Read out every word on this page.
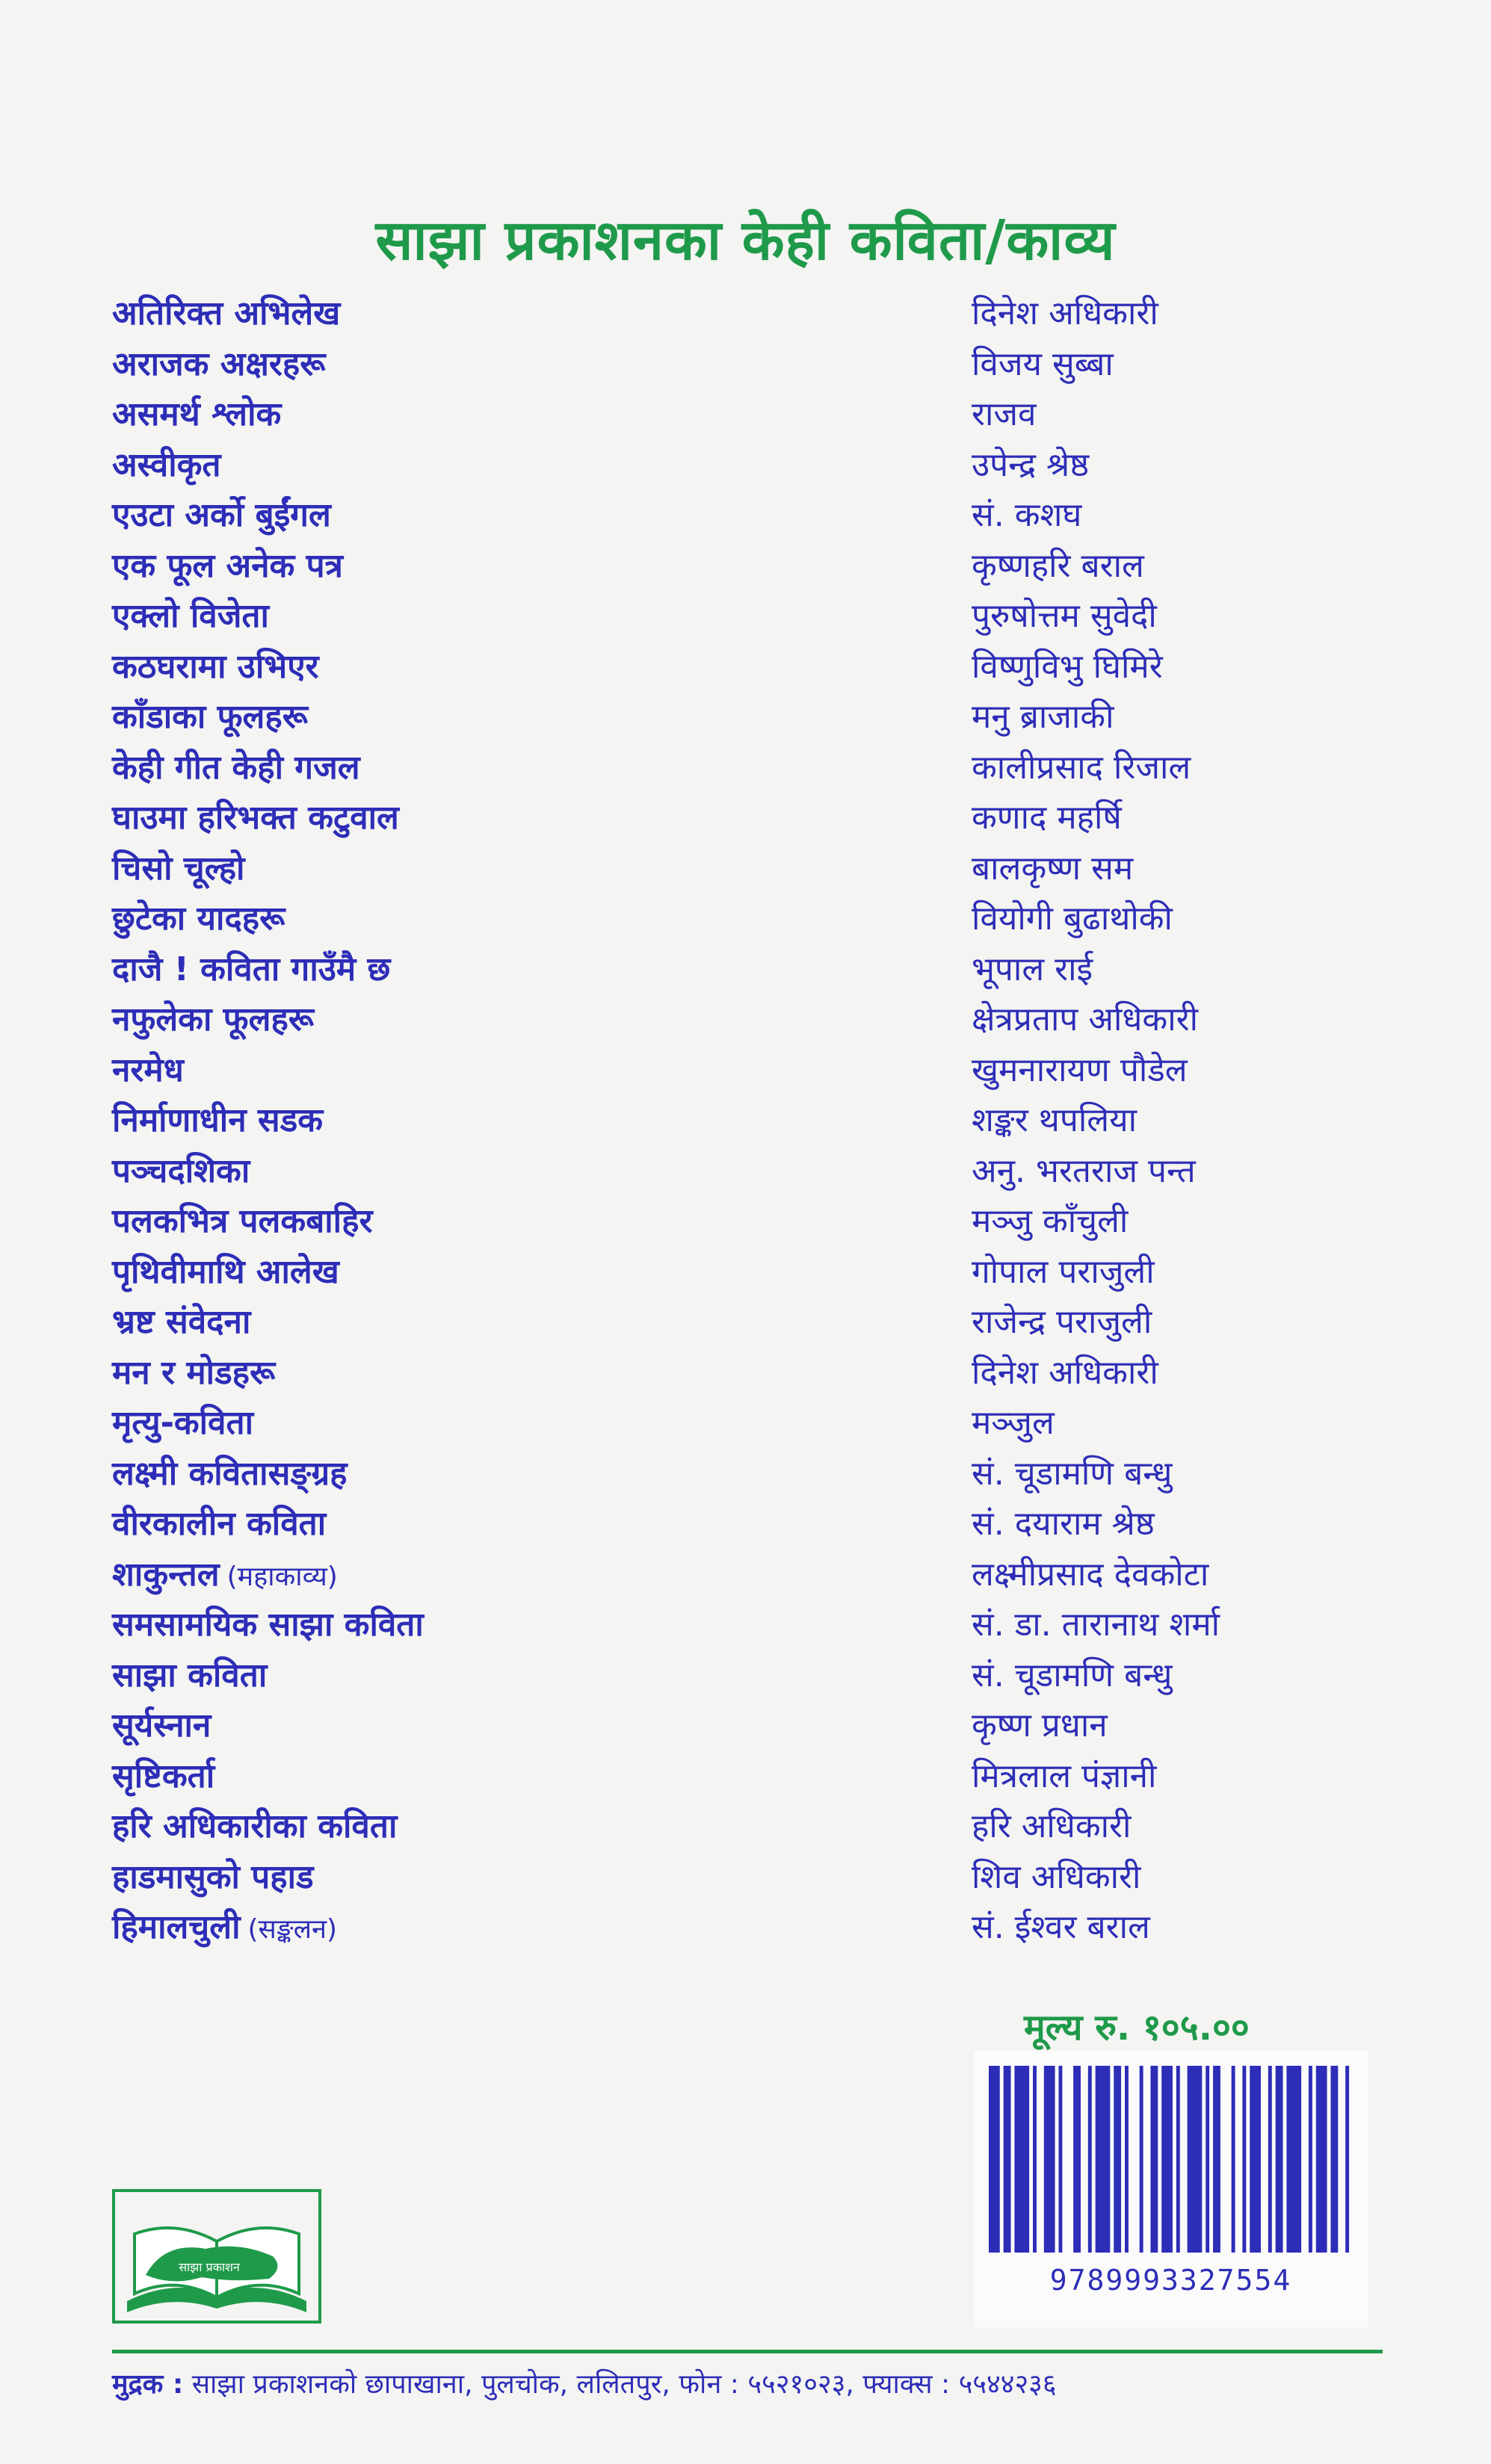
साझा प्रकाशनका केही कविता/काव्य
अतिरिक्त अभिलेख	दिनेश अधिकारी
अराजक अक्षरहरू	विजय सुब्बा
असमर्थ श्लोक	राजव
अस्वीकृत	उपेन्द्र श्रेष्ठ
एउटा अर्को बुईंगल	सं. कशघ
एक फूल अनेक पत्र	कृष्णहरि बराल
एक्लो विजेता	पुरुषोत्तम सुवेदी
कठघरामा उभिएर	विष्णुविभु घिमिरे
काँडाका फूलहरू	मनु ब्राजाकी
केही गीत केही गजल	कालीप्रसाद रिजाल
घाउमा हरिभक्त कटुवाल	कणाद महर्षि
चिसो चूल्हो	बालकृष्ण सम
छुटेका यादहरू	वियोगी बुढाथोकी
दाजै ! कविता गाउँमै छ	भूपाल राई
नफुलेका फूलहरू	क्षेत्रप्रताप अधिकारी
नरमेध	खुमनारायण पौडेल
निर्माणाधीन सडक	शङ्कर थपलिया
पञ्चदशिका	अनु. भरतराज पन्त
पलकभित्र पलकबाहिर	मञ्जु काँचुली
पृथिवीमाथि आलेख	गोपाल पराजुली
भ्रष्ट संवेदना	राजेन्द्र पराजुली
मन र मोडहरू	दिनेश अधिकारी
मृत्यु-कविता	मञ्जुल
लक्ष्मी कवितासङ्ग्रह	सं. चूडामणि बन्धु
वीरकालीन कविता	सं. दयाराम श्रेष्ठ
शाकुन्तल (महाकाव्य)	लक्ष्मीप्रसाद देवकोटा
समसामयिक साझा कविता	सं. डा. तारानाथ शर्मा
साझा कविता	सं. चूडामणि बन्धु
सूर्यस्नान	कृष्ण प्रधान
सृष्टिकर्ता	मित्रलाल पंज्ञानी
हरि अधिकारीका कविता	हरि अधिकारी
हाडमासुको पहाड	शिव अधिकारी
हिमालचुली (सङ्कलन)	सं. ईश्वर बराल
मूल्य रु. १०५.००
9789993327554
साझा प्रकाशन
मुद्रक : साझा प्रकाशनको छापाखाना, पुलचोक, ललितपुर, फोन : ५५२१०२३, फ्याक्स : ५५४४२३६
